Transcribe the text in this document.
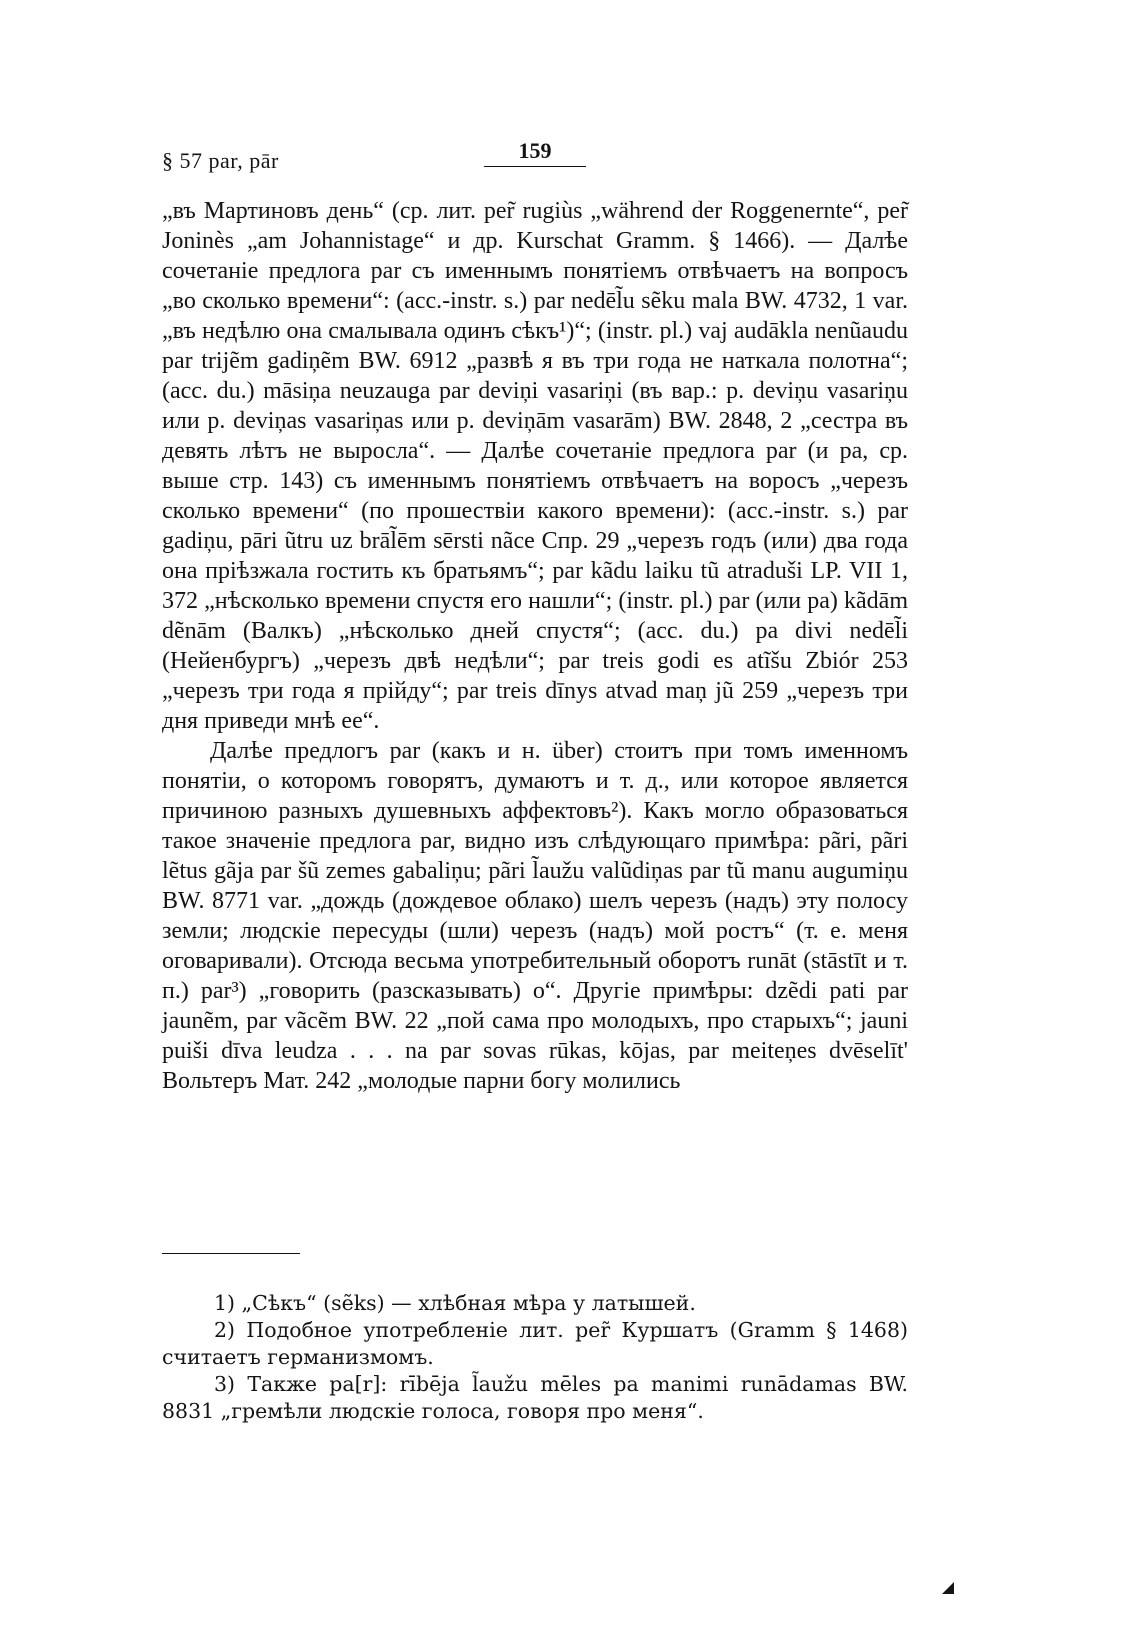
§ 57 par, pār	159

„въ Мартиновъ день“ (ср. лит. per̃ rugiùs „während der Roggenernte“, per̃ Joninès „am Johannistage“ и др. Kurschat Gramm. § 1466). — Далѣе сочетаніе предлога par съ именнымъ понятіемъ отвѣчаетъ на вопросъ „во сколько времени“: (acc.-instr. s.) par nedēl̃u sẽku mala BW. 4732, 1 var. „въ недѣлю она смалывала одинъ сѣкъ¹)“; (instr. pl.) vaj audākla nenũaudu par trijẽm gadiņẽm BW. 6912 „развѣ я въ три года не наткала полотна“; (acc. du.) māsiņa neuzauga par deviņi vasariņi (въ вар.: p. deviņu vasariņu или p. deviņas vasariņas или p. deviņām vasarām) BW. 2848, 2 „сестра въ девять лѣтъ не выросла“. — Далѣе сочетаніе предлога par (и pa, ср. выше стр. 143) съ именнымъ понятіемъ отвѣчаетъ на воросъ „черезъ сколько времени“ (по прошествіи какого времени): (acc.-instr. s.) par gadiņu, pāri ũtru uz brāl̃ēm sērsti nãce Спр. 29 „черезъ годъ (или) два года она пріѣзжала гостить къ братьямъ“; par kãdu laiku tũ atraduši LP. VII 1, 372 „нѣсколько времени спустя его нашли“; (instr. pl.) par (или pa) kãdām dẽnām (Валкъ) „нѣсколько дней спустя“; (acc. du.) pa divi nedēl̃i (Нейенбургъ) „черезъ двѣ недѣли“; par treis godi es atĩšu Zbiór 253 „черезъ три года я прійду“; par treis dīnys atvad maņ jũ 259 „черезъ три дня приведи мнѣ ее“.

Далѣе предлогъ par (какъ и н. über) стоитъ при томъ именномъ понятіи, о которомъ говорятъ, думаютъ и т. д., или которое является причиною разныхъ душевныхъ аффектовъ²). Какъ могло образоваться такое значеніе предлога par, видно изъ слѣдующаго примѣра: pãri, pãri lẽtus gãja par šũ zemes gabaliņu; pãri l̃aužu valũdiņas par tũ manu augumiņu BW. 8771 var. „дождь (дождевое облако) шелъ черезъ (надъ) эту полосу земли; людскіе пересуды (шли) черезъ (надъ) мой ростъ“ (т. е. меня оговаривали). Отсюда весьма употребительный оборотъ runāt (stāstīt и т. п.) par³) „говорить (разсказывать) о“. Другіе примѣры: dzẽdi pati par jaunẽm, par vãcẽm BW. 22 „пой сама про молодыхъ, про старыхъ“; jauni puiši dīva leudza . . . na par sovas rūkas, kōjas, par meiteņes dvēselīt' Вольтеръ Мат. 242 „молодые парни богу молились

1) „Сѣкъ“ (sẽks) — хлѣбная мѣра у латышей.

2) Подобное употребленіе лит. per̃ Куршатъ (Gramm § 1468) считаетъ германизмомъ.

3) Также pa[r]: rībēja l̃aužu mēles pa manimi runādamas BW. 8831 „гремѣли людскіе голоса, говоря про меня“.
